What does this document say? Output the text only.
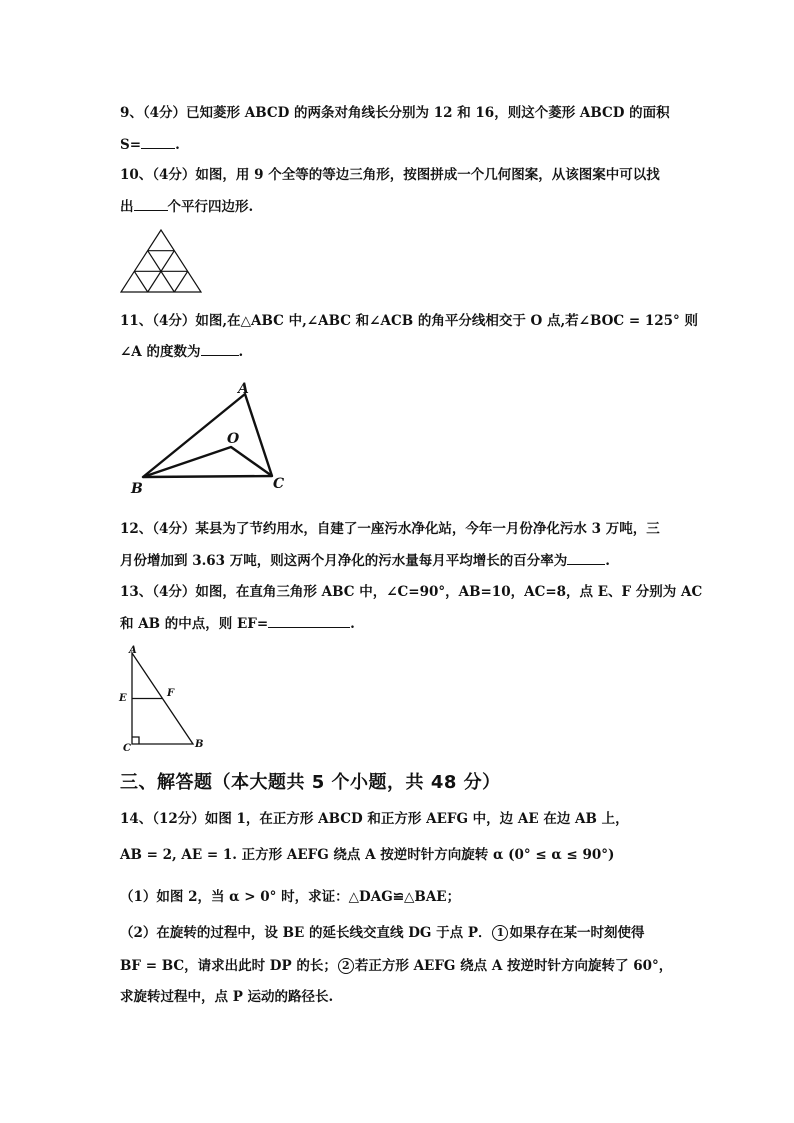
9、（4分）已知菱形 ABCD 的两条对角线长分别为 12 和 16，则这个菱形 ABCD 的面积
S=	.
10、（4分）如图，用 9 个全等的等边三角形，按图拼成一个几何图案，从该图案中可以找
出	个平行四边形.
11、（4分）如图,在△ABC 中,∠ABC 和∠ACB 的角平分线相交于 O 点,若∠BOC = 125° 则
∠A 的度数为	.
A
O
B	C
12、（4分）某县为了节约用水，自建了一座污水净化站，今年一月份净化污水 3 万吨，三
月份增加到 3.63 万吨，则这两个月净化的污水量每月平均增长的百分率为	.
13、（4分）如图，在直角三角形 ABC 中，∠C=90°，AB=10，AC=8，点 E、F 分别为 AC
和 AB 的中点，则 EF=	.
A
E	F
C	B
三、解答题（本大题共 5 个小题，共 48 分）
14、（12分）如图 1，在正方形 ABCD 和正方形 AEFG 中，边 AE 在边 AB 上，
AB = 2, AE = 1. 正方形 AEFG 绕点 A 按逆时针方向旋转 α (0° ≤ α ≤ 90°)
（1）如图 2，当 α > 0° 时，求证：△DAG≌△BAE；
（2）在旋转的过程中，设 BE 的延长线交直线 DG 于点 P． 1 如果存在某一时刻使得
BF = BC，请求出此时 DP 的长； 2 若正方形 AEFG 绕点 A 按逆时针方向旋转了 60°，
求旋转过程中，点 P 运动的路径长.
